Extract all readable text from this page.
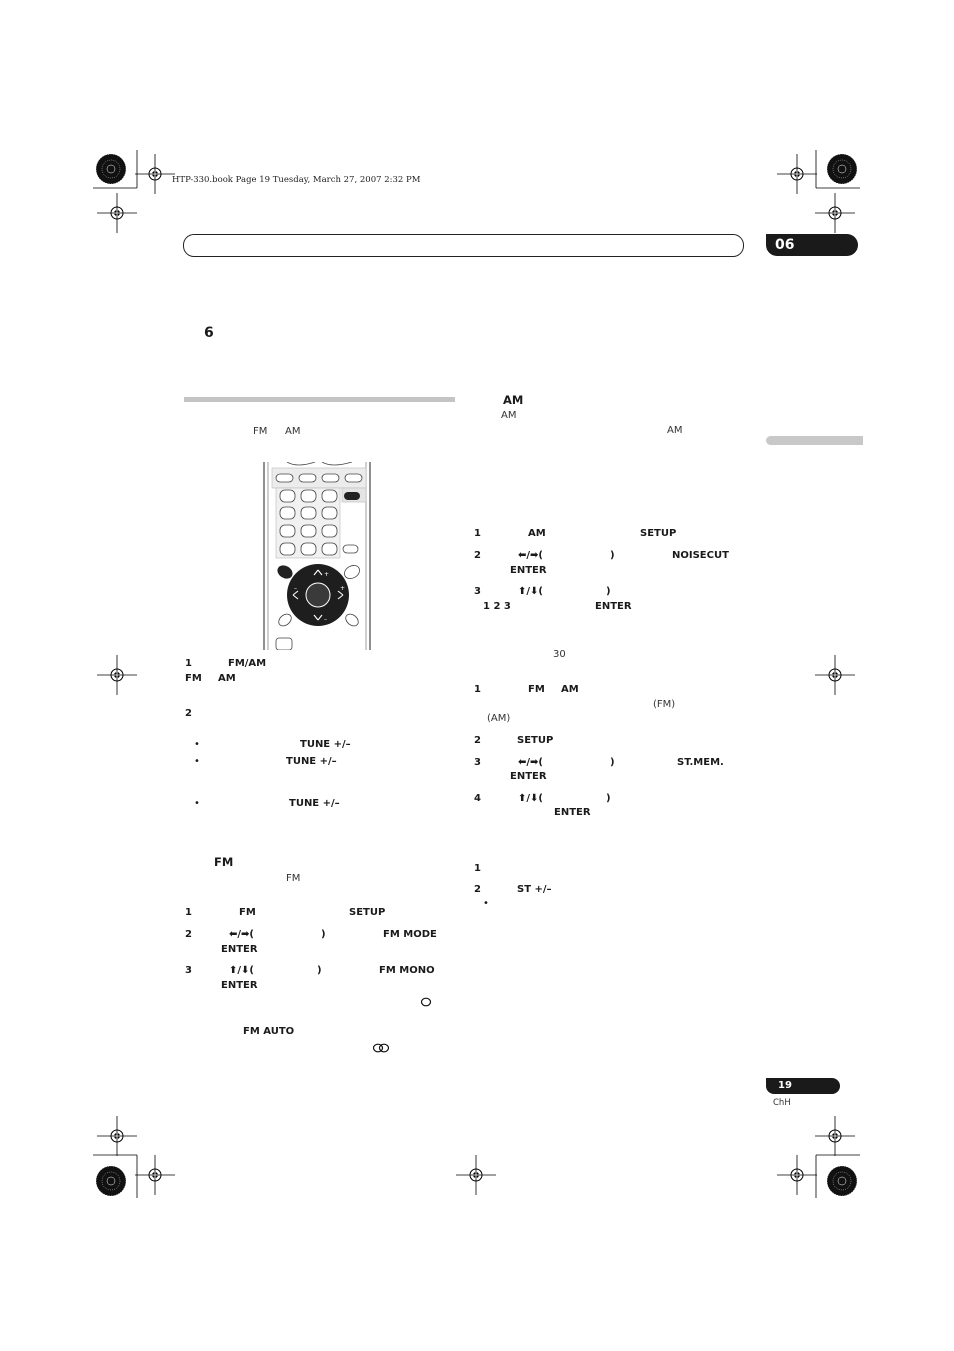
HTP-330.book Page 19 Tuesday, March 27, 2007 2:32 PM
06
6
FM AM
+
–
+
–
1	FM/AM
FM AM
2
•	TUNE +/–
•	TUNE +/–
•	TUNE +/–
FM
FM
1	FM	SETUP
2	⬅/➡(	)	FM MODE
ENTER
3	⬆/⬇(	)	FM MONO
ENTER
FM AUTO
AM
AM
AM
1	AM	SETUP
2	⬅/➡(	)	NOISECUT
ENTER
3	⬆/⬇(	)
1 2 3	ENTER
30
1	FM AM
(FM)
(AM)
2	SETUP
3	⬅/➡(	)	ST.MEM.
ENTER
4	⬆/⬇(	)
ENTER
1
2	ST +/–
•
19
ChH
